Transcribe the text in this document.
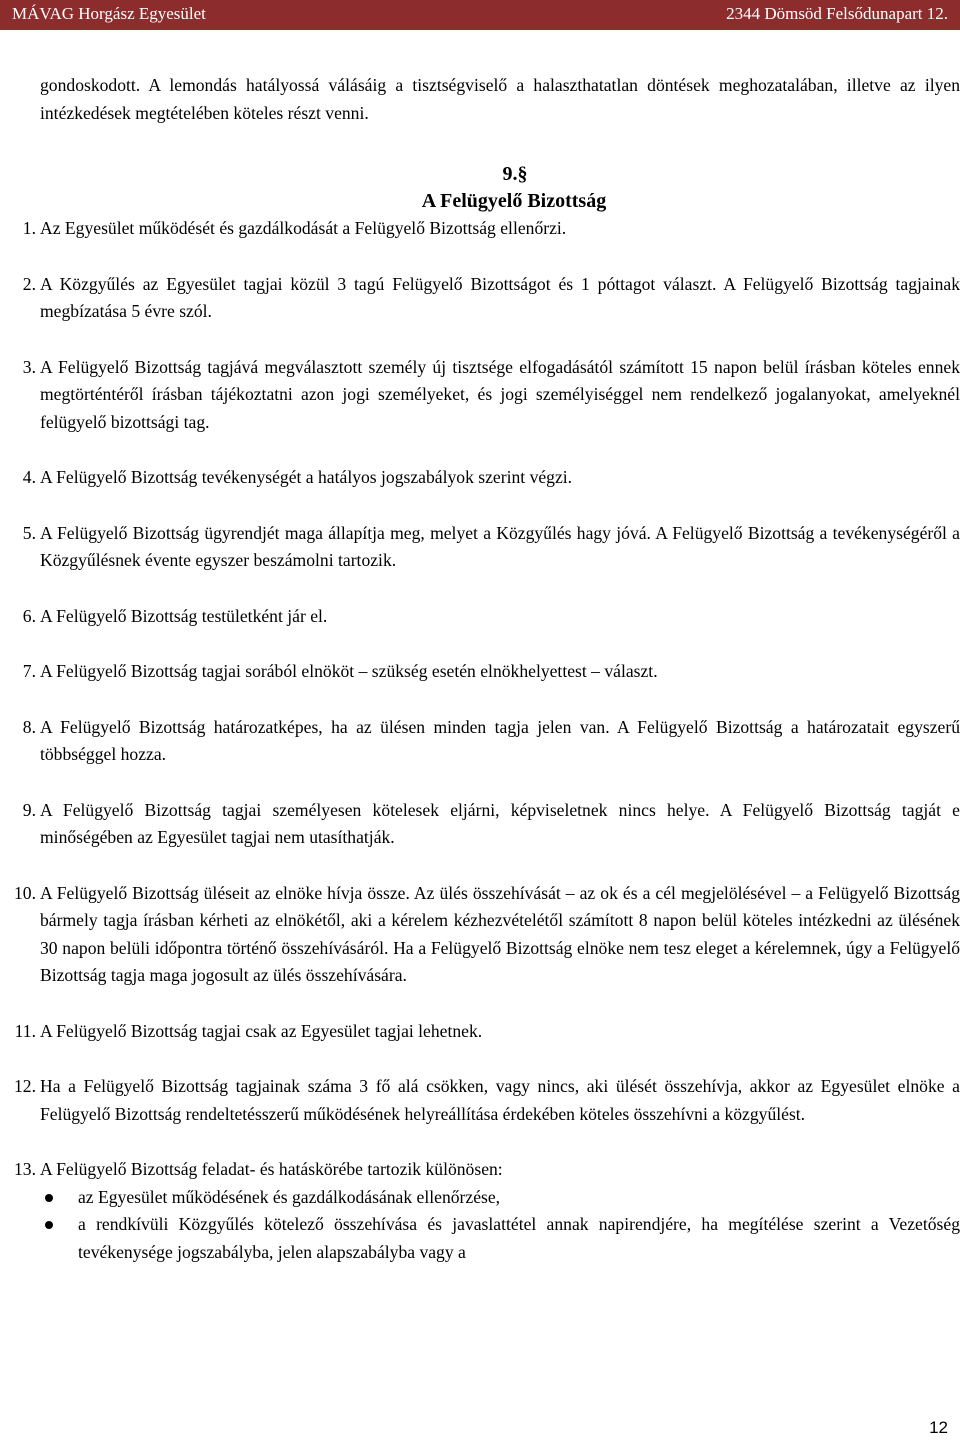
MÁVAG Horgász Egyesület	2344 Dömsöd Felsődunapart 12.

gondoskodott. A lemondás hatályossá válásáig a tisztségviselő a halaszthatatlan döntések meghozatalában, illetve az ilyen intézkedések megtételében köteles részt venni.

9.§
A Felügyelő Bizottság
1. Az Egyesület működését és gazdálkodását a Felügyelő Bizottság ellenőrzi.
2. A Közgyűlés az Egyesület tagjai közül 3 tagú Felügyelő Bizottságot és 1 póttagot választ. A Felügyelő Bizottság tagjainak megbízatása 5 évre szól.
3. A Felügyelő Bizottság tagjává megválasztott személy új tisztsége elfogadásától számított 15 napon belül írásban köteles ennek megtörténtéről írásban tájékoztatni azon jogi személyeket, és jogi személyiséggel nem rendelkező jogalanyokat, amelyeknél felügyelő bizottsági tag.
4. A Felügyelő Bizottság tevékenységét a hatályos jogszabályok szerint végzi.
5. A Felügyelő Bizottság ügyrendjét maga állapítja meg, melyet a Közgyűlés hagy jóvá. A Felügyelő Bizottság a tevékenységéről a Közgyűlésnek évente egyszer beszámolni tartozik.
6. A Felügyelő Bizottság testületként jár el.
7. A Felügyelő Bizottság tagjai sorából elnököt – szükség esetén elnökhelyettest – választ.
8. A Felügyelő Bizottság határozatképes, ha az ülésen minden tagja jelen van. A Felügyelő Bizottság a határozatait egyszerű többséggel hozza.
9. A Felügyelő Bizottság tagjai személyesen kötelesek eljárni, képviseletnek nincs helye. A Felügyelő Bizottság tagját e minőségében az Egyesület tagjai nem utasíthatják.
10. A Felügyelő Bizottság üléseit az elnöke hívja össze. Az ülés összehívását – az ok és a cél megjelölésével – a Felügyelő Bizottság bármely tagja írásban kérheti az elnökétől, aki a kérelem kézhezvételétől számított 8 napon belül köteles intézkedni az ülésének 30 napon belüli időpontra történő összehívásáról. Ha a Felügyelő Bizottság elnöke nem tesz eleget a kérelemnek, úgy a Felügyelő Bizottság tagja maga jogosult az ülés összehívására.
11. A Felügyelő Bizottság tagjai csak az Egyesület tagjai lehetnek.
12. Ha a Felügyelő Bizottság tagjainak száma 3 fő alá csökken, vagy nincs, aki ülését összehívja, akkor az Egyesület elnöke a Felügyelő Bizottság rendeltetésszerű működésének helyreállítása érdekében köteles összehívni a közgyűlést.
13. A Felügyelő Bizottság feladat- és hatáskörébe tartozik különösen:
az Egyesület működésének és gazdálkodásának ellenőrzése,
a rendkívüli Közgyűlés kötelező összehívása és javaslattétel annak napirendjére, ha megítélése szerint a Vezetőség tevékenysége jogszabályba, jelen alapszabályba vagy a
12
